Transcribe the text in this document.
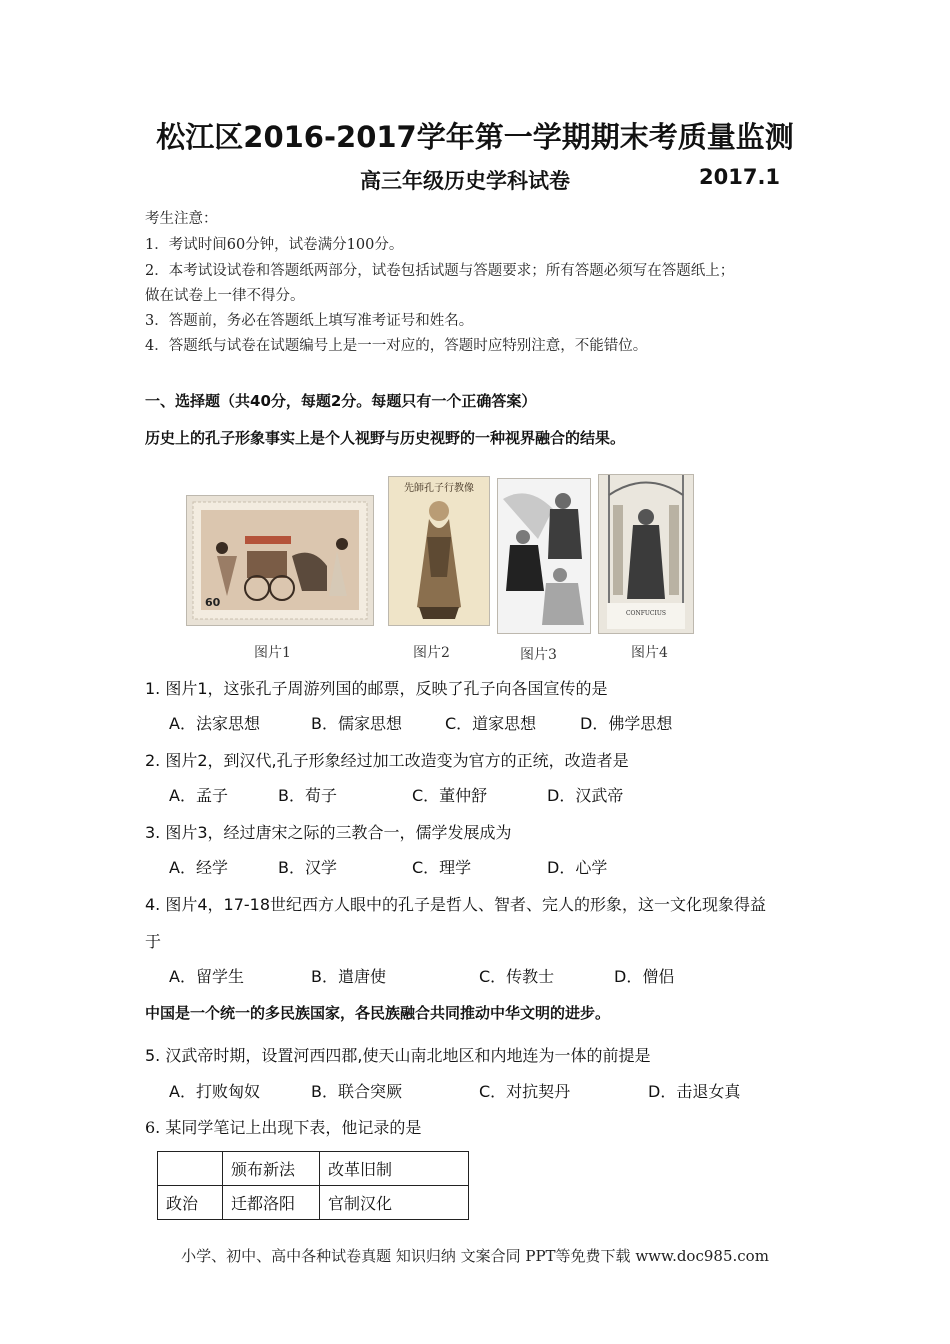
松江区2016-2017学年第一学期期末考质量监测
高三年级历史学科试卷	2017.1
考生注意：
1．考试时间60分钟，试卷满分100分。
2．本考试设试卷和答题纸两部分，试卷包括试题与答题要求；所有答题必须写在答题纸上；
做在试卷上一律不得分。
3．答题前，务必在答题纸上填写准考证号和姓名。
4．答题纸与试卷在试题编号上是一一对应的，答题时应特别注意，不能错位。
一、选择题（共40分，每题2分。每题只有一个正确答案）
历史上的孔子形象事实上是个人视野与历史视野的一种视界融合的结果。
60
图片1
先師孔子行教像
图片2	图片3
CONFUCIUS
图片4
1. 图片1，这张孔子周游列国的邮票，反映了孔子向各国宣传的是
A．法家思想	B．儒家思想	C．道家思想	D．佛学思想
2. 图片2，到汉代,孔子形象经过加工改造变为官方的正统，改造者是
A．孟子	B．荀子	C．董仲舒	D．汉武帝
3. 图片3，经过唐宋之际的三教合一，儒学发展成为
A．经学	B．汉学	C．理学	D．心学
4. 图片4，17-18世纪西方人眼中的孔子是哲人、智者、完人的形象，这一文化现象得益
于
A．留学生	B．遣唐使	C．传教士	D．僧侣
中国是一个统一的多民族国家，各民族融合共同推动中华文明的进步。
5. 汉武帝时期，设置河西四郡,使天山南北地区和内地连为一体的前提是
A．打败匈奴	B．联合突厥	C．对抗契丹	D．击退女真
6. 某同学笔记上出现下表，他记录的是
	颁布新法	改革旧制
政治	迁都洛阳	官制汉化
小学、初中、高中各种试卷真题 知识归纳 文案合同 PPT等免费下载 www.doc985.com
